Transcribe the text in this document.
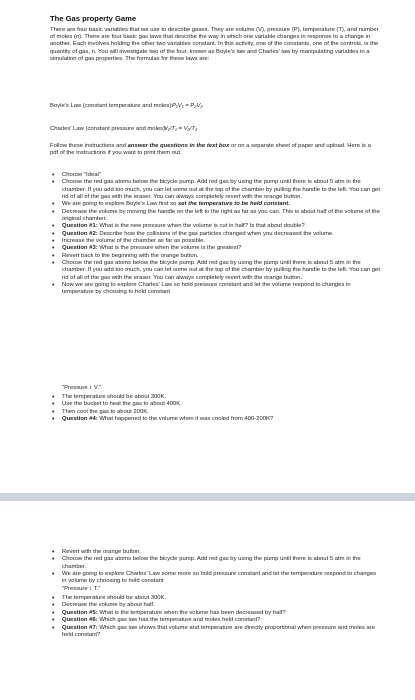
The Gas property Game
There are four basic variables that we use to describe gases. They are volume (V), pressure (P), temperature (T), and number of moles (n). There are four basic gas laws that describe the way in which one variable changes in response to a change in another. Each involves holding the other two variables constant. In this activity, one of the constants, one of the controls, is the quantity of gas, n. You will investigate two of the four, known as Boyle's law and Charles' law by manipulating variables in a simulation of gas properties. The formulas for these laws are:
Boyle's Law (constant temperature and moles): P₁V₁ = P₂V₂
Charles' Law (constant pressure and moles):
V₁/T₁ = V₂/T₂
Follow these instructions and answer the questions in the text box or on a separate sheet of paper and upload. Here is a pdf of the instructions if you want to print them out.
• Choose "Ideal"
• Choose the red gas atoms below the bicycle pump. Add red gas by using the pump until there is about 5 atm in the chamber. If you add too much, you can let some out at the top of the chamber by pulling the handle to the left. You can get rid of all of the gas with the eraser. You can always completely revert with the orange button.
• We are going to explore Boyle's Law first so set the temperature to be held constant.
• Decrease the volume by moving the handle on the left to the right as far as you can. This is about half of the volume of the original chamber.
• Question #1: What is the new pressure when the volume is cut in half? Is that about double?
• Question #2: Describe how the collisions of the gas particles changed when you decreased the volume.
• Increase the volume of the chamber as far as possible.
• Question #3: What is the pressure when the volume is the greatest?
• Revert back to the beginning with the orange button.
• Choose the red gas atoms below the bicycle pump. Add red gas by using the pump until there is about 5 atm in the chamber. If you add too much, you can let some out at the top of the chamber by pulling the handle to the left. You can get rid of all of the gas with the eraser. You can always completely revert with the orange button.
• Now we are going to explore Charles' Law so hold pressure constant and let the volume respond to changes in temperature by choosing to hold constant
"Pressure ↕ V."
• The temperature should be about 300K.
• Use the bucket to heat the gas to about 400K.
• Then cool the gas to about 200K.
• Question #4: What happened to the volume when it was cooled from 400-200K?
• Revert with the orange button.
• Choose the red gas atoms below the bicycle pump. Add red gas by using the pump until there is about 5 atm in the chamber.
• We are going to explore Charles' Law some more so hold pressure constant and let the temperature respond to changes in volume by choosing to hold constant
"Pressure ↕ T."
• The temperature should be about 300K.
• Decrease the volume by about half.
• Question #5: What is the temperature when the volume has been decreased by half?
• Question #6: Which gas law has the temperature and moles held constant?
• Question #7: Which gas law shows that volume and temperature are directly proportional when pressure and moles are held constant?
